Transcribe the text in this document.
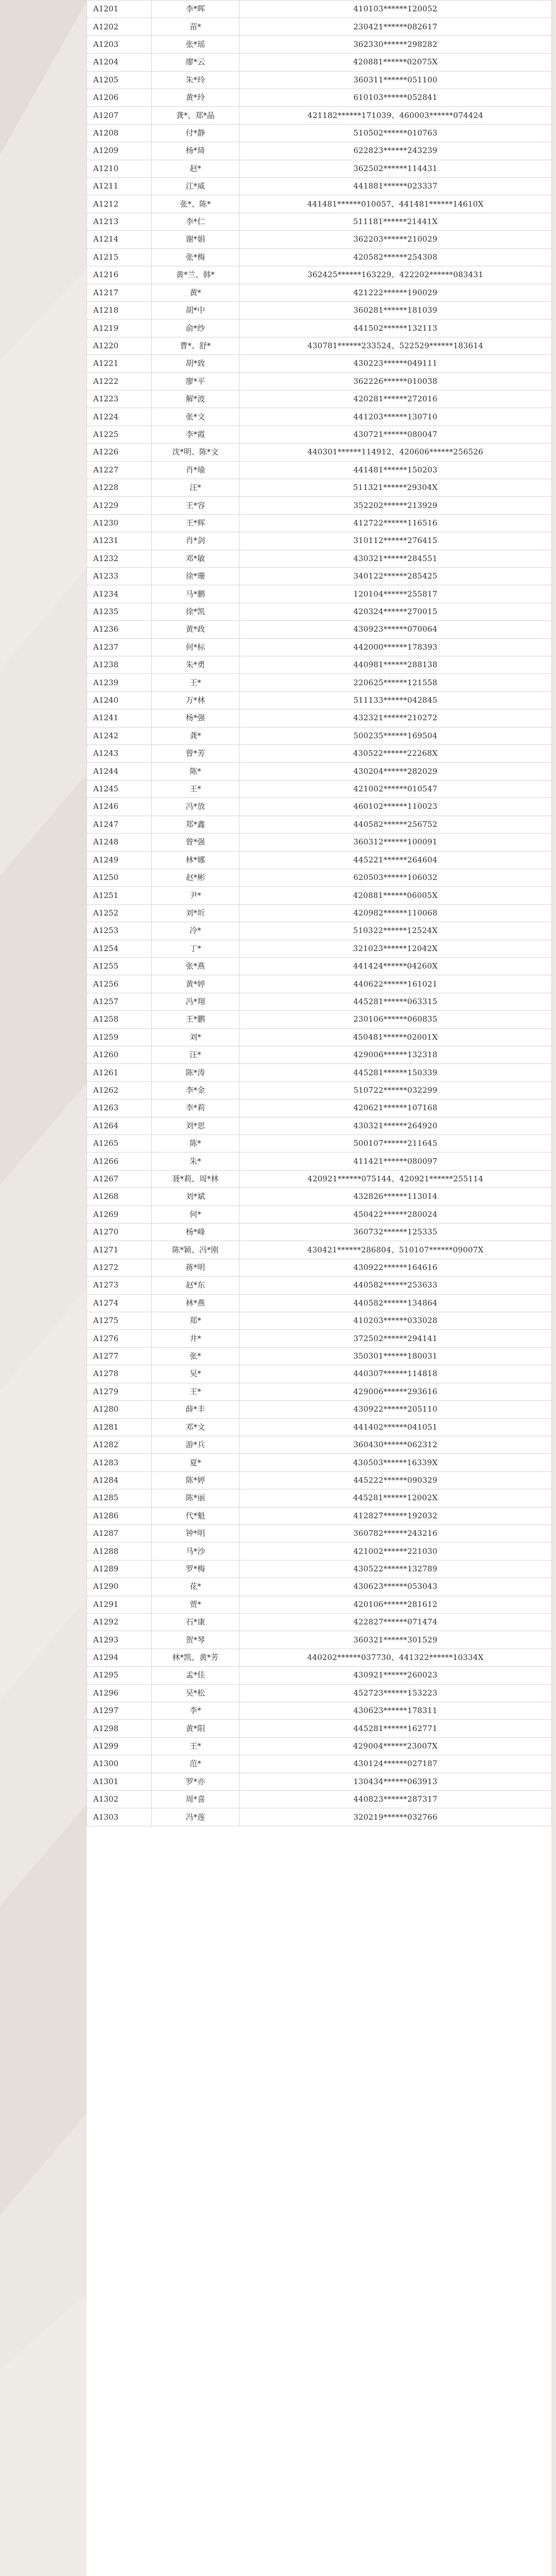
A1201	李*晖	410103******120052
A1202	苗*	230421******082617
A1203	张*瑶	362330******298282
A1204	廖*云	420881******02075X
A1205	朱*玲	360311******051100
A1206	黄*玲	610103******052841
A1207	龚*、郑*晶	421182******171039、460003******074424
A1208	付*静	510502******010763
A1209	杨*琦	622823******243239
A1210	赵*	362502******114431
A1211	江*威	441881******023337
A1212	张*、陈*	441481******010057、441481******14610X
A1213	李*仁	511181******21441X
A1214	谢*娟	362203******210029
A1215	张*梅	420582******254308
A1216	黄*兰、韩*	362425******163229、422202******083431
A1217	黄*	421222******190029
A1218	胡*中	360281******181039
A1219	俞*纱	441502******132113
A1220	曹*、舒*	430781******233524、522529******183614
A1221	胡*致	430223******049111
A1222	廖*平	362226******010038
A1223	解*波	420281******272016
A1224	张*文	441203******130710
A1225	李*霞	430721******080047
A1226	沈*明、陈*文	440301******114912、420606******256526
A1227	肖*瑜	441481******150203
A1228	汪*	511321******29304X
A1229	王*容	352202******213929
A1230	王*辉	412722******116516
A1231	肖*剑	310112******276415
A1232	邓*敏	430321******284551
A1233	徐*珊	340122******285425
A1234	马*鹏	120104******255817
A1235	徐*凯	420324******270015
A1236	黄*政	430923******070064
A1237	何*标	442000******178393
A1238	朱*勇	440981******288138
A1239	王*	220625******121558
A1240	万*林	511133******042845
A1241	杨*强	432321******210272
A1242	龚*	500235******169504
A1243	曾*芳	430522******22268X
A1244	陈*	430204******282029
A1245	王*	421002******010547
A1246	冯*放	460102******110023
A1247	郑*鑫	440582******256752
A1248	曾*强	360312******100091
A1249	林*娜	445221******264604
A1250	赵*彬	620503******106032
A1251	尹*	420881******06005X
A1252	刘*圻	420982******110068
A1253	冷*	510322******12524X
A1254	丁*	321023******12042X
A1255	张*燕	441424******04260X
A1256	黄*婷	440622******161021
A1257	冯*翔	445281******063315
A1258	王*鹏	230106******060835
A1259	刘*	450481******02001X
A1260	汪*	429006******132318
A1261	陈*涛	445281******150339
A1262	李*金	510722******032299
A1263	李*莉	420621******107168
A1264	刘*思	430321******264920
A1265	陈*	500107******211645
A1266	朱*	411421******080097
A1267	聂*莉、周*林	420921******075144、420921******255114
A1268	刘*斌	432826******113014
A1269	何*	450422******280024
A1270	杨*峰	360732******125335
A1271	陈*颖、冯*刚	430421******286804、510107******09007X
A1272	蒋*明	430922******164616
A1273	赵*东	440582******253633
A1274	林*燕	440582******134864
A1275	郑*	410203******033028
A1276	井*	372502******294141
A1277	张*	350301******180031
A1278	吴*	440307******114818
A1279	王*	429006******293616
A1280	薛*丰	430922******205110
A1281	邓*文	441402******041051
A1282	游*兵	360430******062312
A1283	夏*	430503******16339X
A1284	陈*婷	445222******090329
A1285	陈*丽	445281******12002X
A1286	代*魁	412827******192032
A1287	钟*明	360782******243216
A1288	马*沙	421002******221030
A1289	罗*梅	430522******132789
A1290	花*	430623******053043
A1291	贾*	420106******281612
A1292	石*康	422827******071474
A1293	贺*琴	360321******301529
A1294	林*凯、黄*芳	440202******037730、441322******10334X
A1295	孟*佳	430921******260023
A1296	吴*松	452723******153223
A1297	李*	430623******178311
A1298	黄*阳	445281******162771
A1299	王*	429004******23007X
A1300	范*	430124******027187
A1301	罗*亦	130434******063913
A1302	周*喜	440823******287317
A1303	冯*莲	320219******032766
